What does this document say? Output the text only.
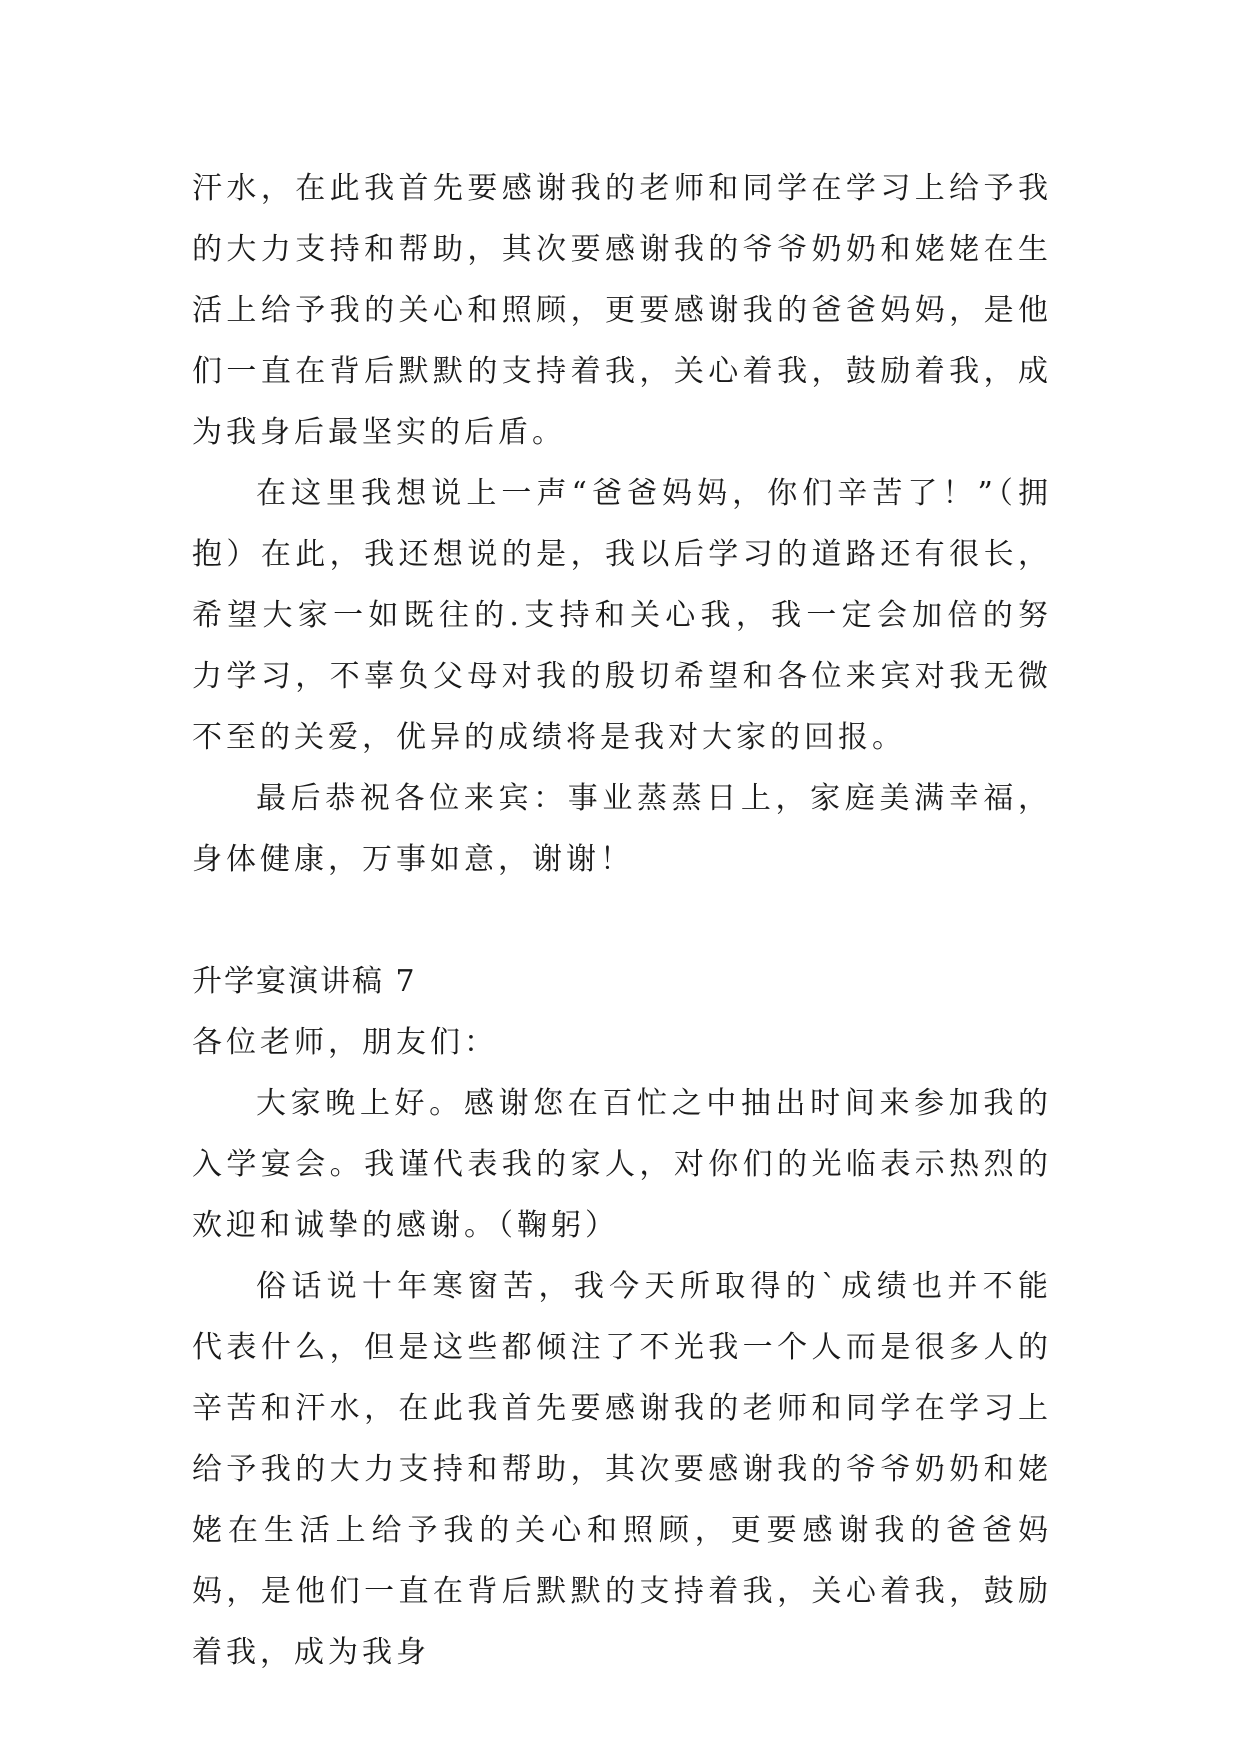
汗水，在此我首先要感谢我的老师和同学在学习上给予我的大力支持和帮助，其次要感谢我的爷爷奶奶和姥姥在生活上给予我的关心和照顾，更要感谢我的爸爸妈妈，是他们一直在背后默默的支持着我，关心着我，鼓励着我，成为我身后最坚实的后盾。

在这里我想说上一声“爸爸妈妈，你们辛苦了！”（拥抱）在此，我还想说的是，我以后学习的道路还有很长，希望大家一如既往的.支持和关心我，我一定会加倍的努力学习，不辜负父母对我的殷切希望和各位来宾对我无微不至的关爱，优异的成绩将是我对大家的回报。

最后恭祝各位来宾：事业蒸蒸日上，家庭美满幸福，身体健康，万事如意，谢谢！

升学宴演讲稿 7

各位老师，朋友们：

大家晚上好。感谢您在百忙之中抽出时间来参加我的入学宴会。我谨代表我的家人，对你们的光临表示热烈的欢迎和诚挚的感谢。（鞠躬）

俗话说十年寒窗苦，我今天所取得的`成绩也并不能代表什么，但是这些都倾注了不光我一个人而是很多人的辛苦和汗水，在此我首先要感谢我的老师和同学在学习上给予我的大力支持和帮助，其次要感谢我的爷爷奶奶和姥姥在生活上给予我的关心和照顾，更要感谢我的爸爸妈妈，是他们一直在背后默默的支持着我，关心着我，鼓励着我，成为我身
